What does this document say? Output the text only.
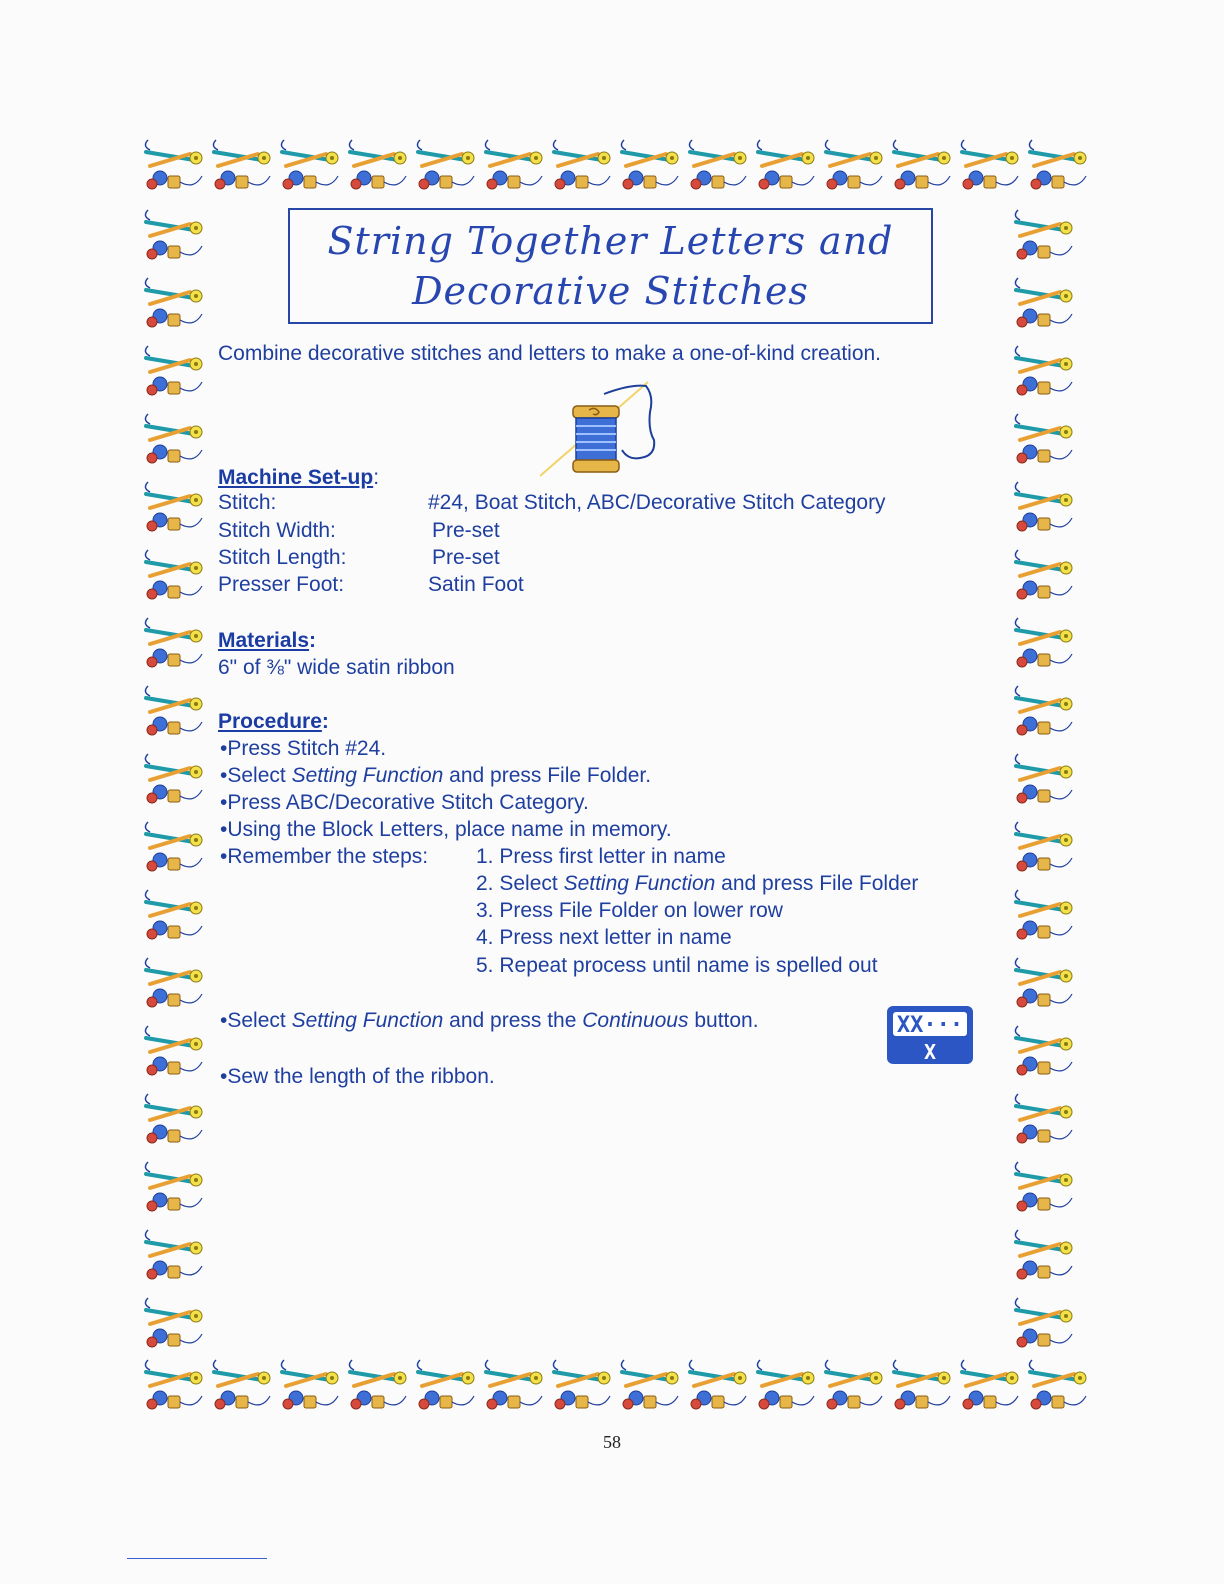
String Together Letters and
Decorative Stitches
Combine decorative stitches and letters to make a one-of-kind creation.
Machine Set-up:
Stitch:	#24, Boat Stitch, ABC/Decorative Stitch Category
Stitch Width:	Pre-set
Stitch Length:	Pre-set
Presser Foot:	Satin Foot
Materials:
6" of ⅜" wide satin ribbon
Procedure:
•Press Stitch #24.
•Select Setting Function and press File Folder.
•Press ABC/Decorative Stitch Category.
•Using the Block Letters, place name in memory.
•Remember the steps: 1. Press first letter in name
2. Select Setting Function and press File Folder
3. Press File Folder on lower row
4. Press next letter in name
5. Repeat process until name is spelled out
•Select Setting Function and press the Continuous button.	XX···
X
•Sew the length of the ribbon.
58
